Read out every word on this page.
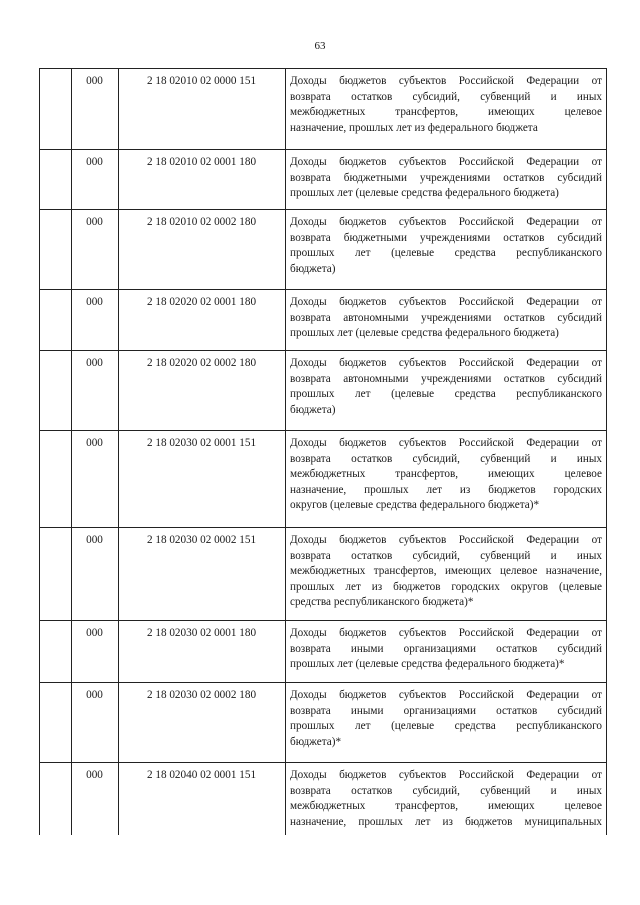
63
000	2 18 02010 02 0000 151	Доходы бюджетов субъектов Российской Федерации от
возврата остатков субсидий, субвенций и иных
межбюджетных трансфертов, имеющих целевое
назначение, прошлых лет из федерального бюджета
000	2 18 02010 02 0001 180	Доходы бюджетов субъектов Российской Федерации от
возврата бюджетными учреждениями остатков субсидий
прошлых лет (целевые средства федерального бюджета)
000	2 18 02010 02 0002 180	Доходы бюджетов субъектов Российской Федерации от
возврата бюджетными учреждениями остатков субсидий
прошлых лет (целевые средства республиканского
бюджета)
000	2 18 02020 02 0001 180	Доходы бюджетов субъектов Российской Федерации от
возврата автономными учреждениями остатков субсидий
прошлых лет (целевые средства федерального бюджета)
000	2 18 02020 02 0002 180	Доходы бюджетов субъектов Российской Федерации от
возврата автономными учреждениями остатков субсидий
прошлых лет (целевые средства республиканского
бюджета)
000	2 18 02030 02 0001 151	Доходы бюджетов субъектов Российской Федерации от
возврата остатков субсидий, субвенций и иных
межбюджетных трансфертов, имеющих целевое
назначение, прошлых лет из бюджетов городских
округов (целевые средства федерального бюджета)*
000	2 18 02030 02 0002 151	Доходы бюджетов субъектов Российской Федерации от
возврата остатков субсидий, субвенций и иных
межбюджетных трансфертов, имеющих целевое назначение,
прошлых лет из бюджетов городских округов (целевые
средства республиканского бюджета)*
000	2 18 02030 02 0001 180	Доходы бюджетов субъектов Российской Федерации от
возврата иными организациями остатков субсидий
прошлых лет (целевые средства федерального бюджета)*
000	2 18 02030 02 0002 180	Доходы бюджетов субъектов Российской Федерации от
возврата иными организациями остатков субсидий
прошлых лет (целевые средства республиканского
бюджета)*
000	2 18 02040 02 0001 151	Доходы бюджетов субъектов Российской Федерации от
возврата остатков субсидий, субвенций и иных
межбюджетных трансфертов, имеющих целевое
назначение, прошлых лет из бюджетов муниципальных
